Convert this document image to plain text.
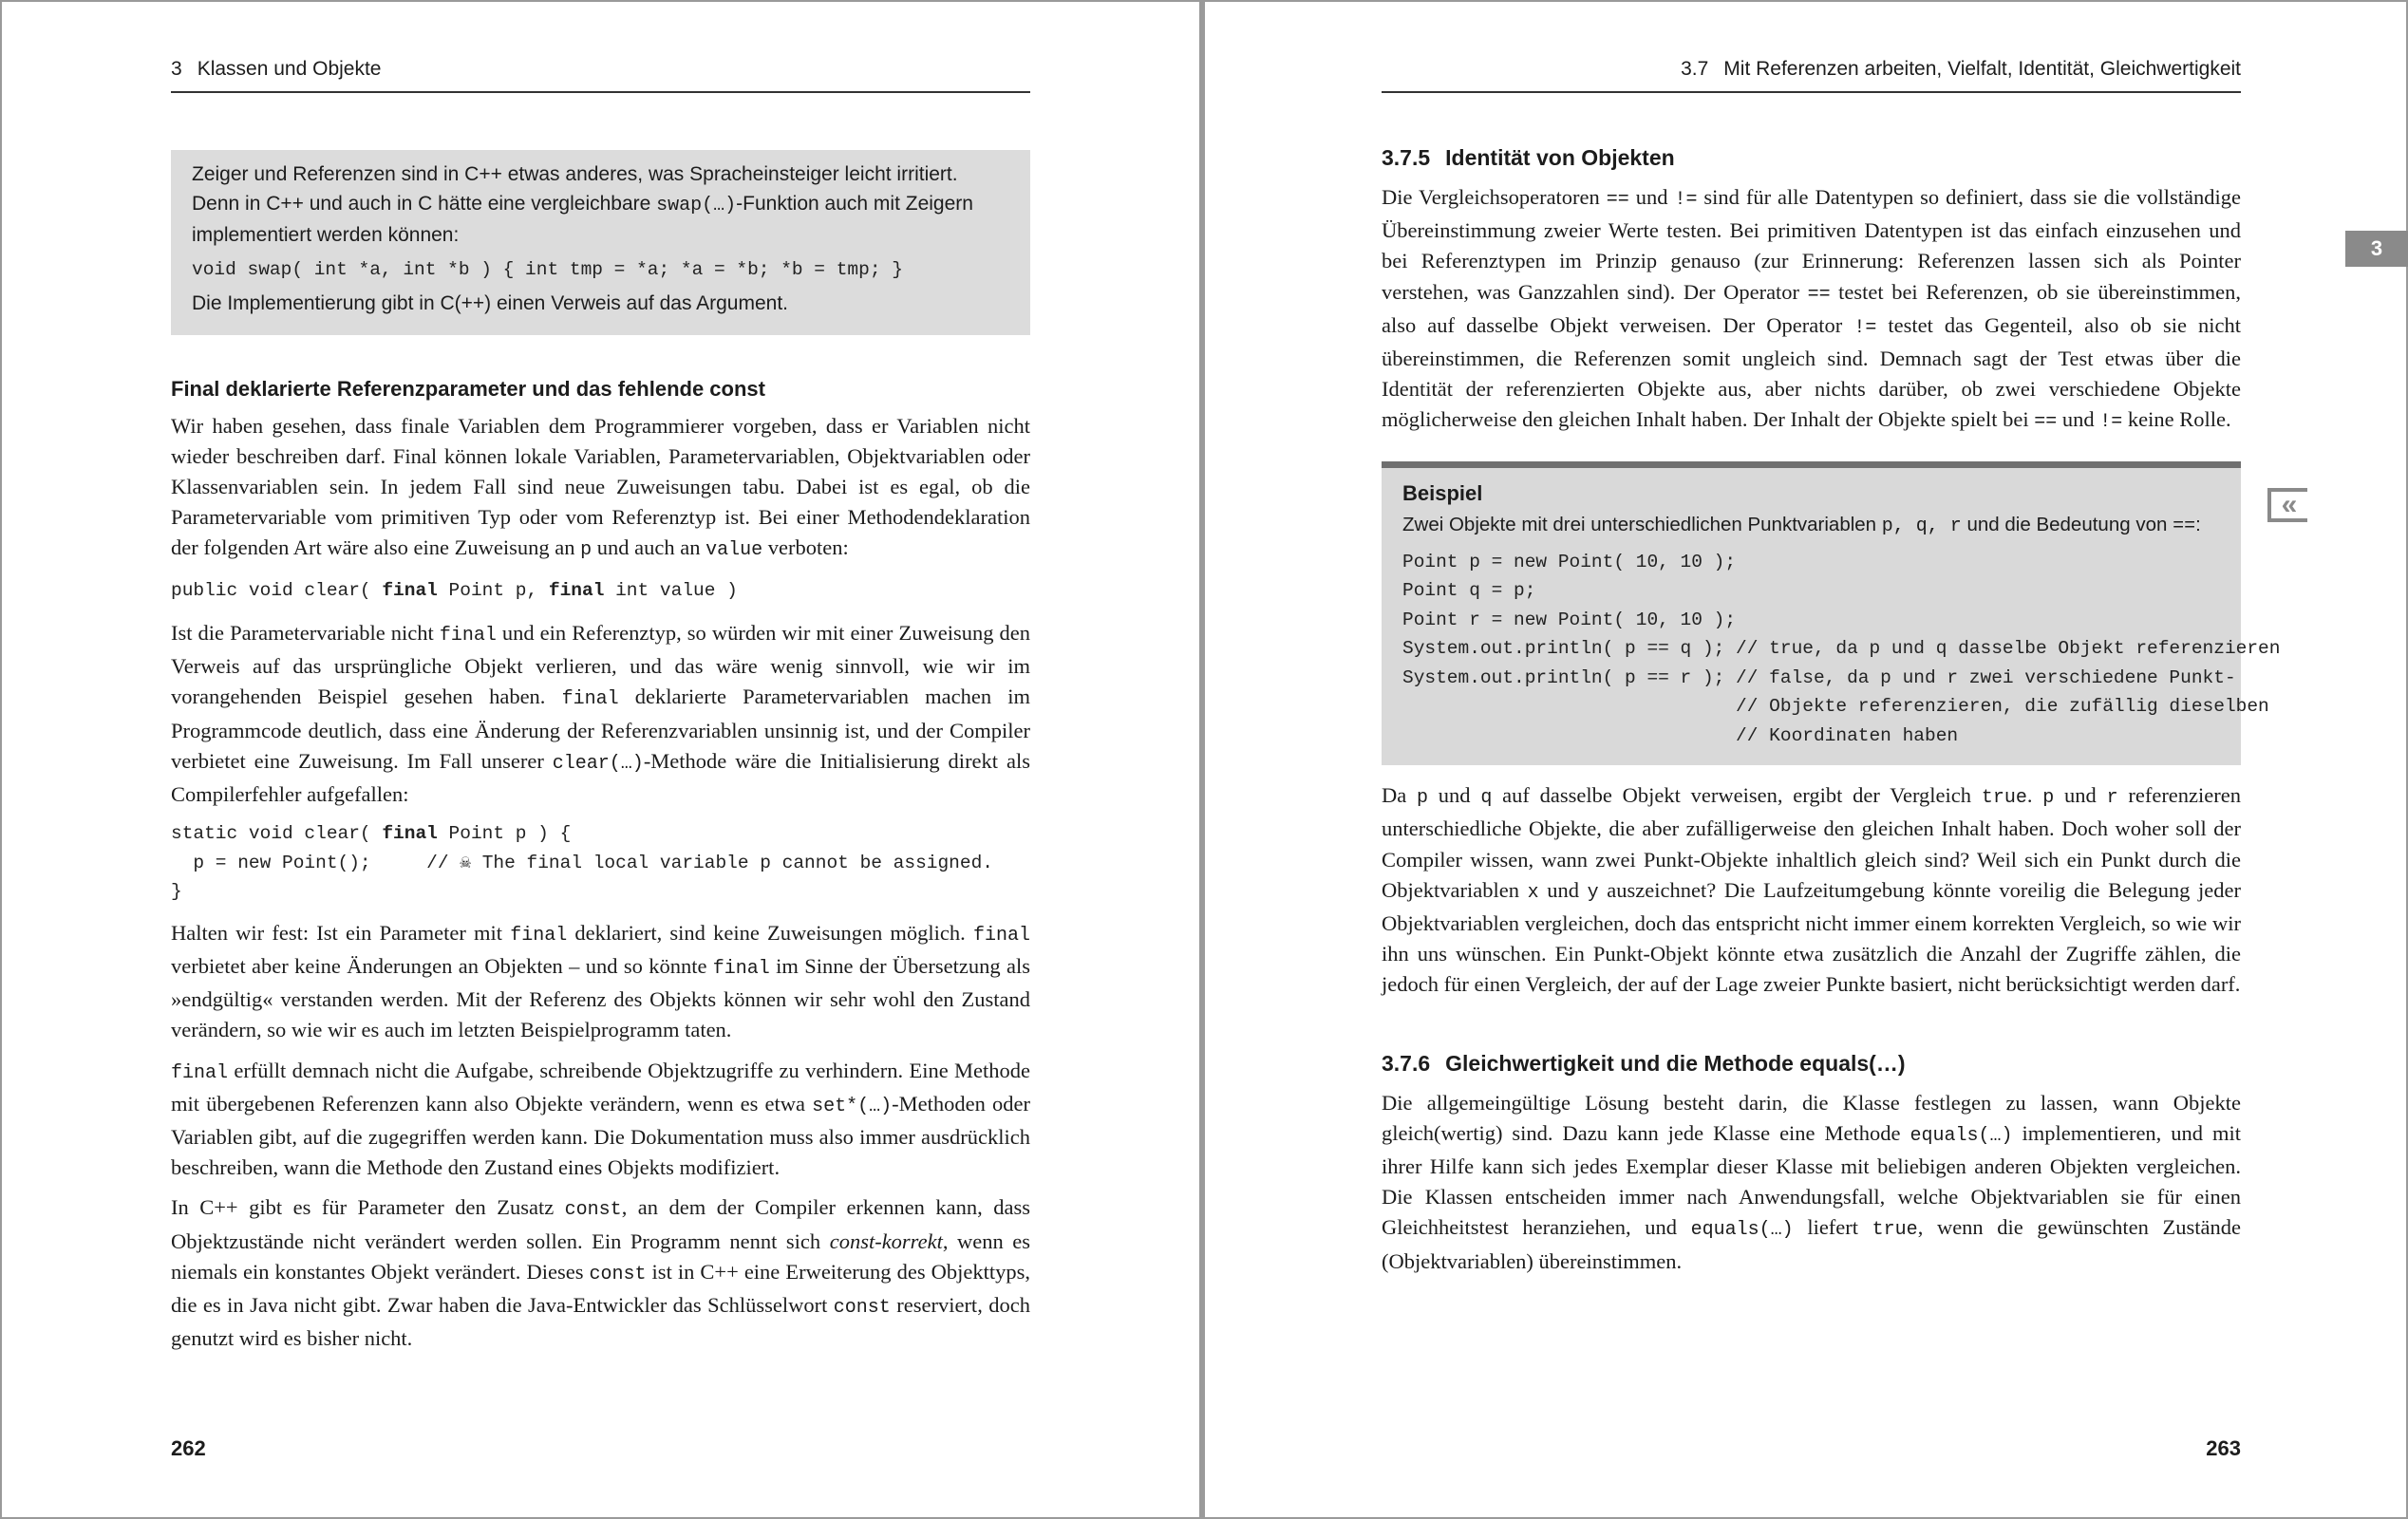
3 Klassen und Objekte

Zeiger und Referenzen sind in C++ etwas anderes, was Spracheinsteiger leicht irritiert. Denn in C++ und auch in C hätte eine vergleichbare swap(…)-Funktion auch mit Zeigern implementiert werden können:

void swap( int *a, int *b ) { int tmp = *a; *a = *b; *b = tmp; }

Die Implementierung gibt in C(++) einen Verweis auf das Argument.

Final deklarierte Referenzparameter und das fehlende const

Wir haben gesehen, dass finale Variablen dem Programmierer vorgeben, dass er Variablen nicht wieder beschreiben darf. Final können lokale Variablen, Parametervariablen, Objektvariablen oder Klassenvariablen sein. In jedem Fall sind neue Zuweisungen tabu. Dabei ist es egal, ob die Parametervariable vom primitiven Typ oder vom Referenztyp ist. Bei einer Methodendeklaration der folgenden Art wäre also eine Zuweisung an p und auch an value verboten:

public void clear( final Point p, final int value )

Ist die Parametervariable nicht final und ein Referenztyp, so würden wir mit einer Zuweisung den Verweis auf das ursprüngliche Objekt verlieren, und das wäre wenig sinnvoll, wie wir im vorangehenden Beispiel gesehen haben. final deklarierte Parametervariablen machen im Programmcode deutlich, dass eine Änderung der Referenzvariablen unsinnig ist, und der Compiler verbietet eine Zuweisung. Im Fall unserer clear(…)-Methode wäre die Initialisierung direkt als Compilerfehler aufgefallen:

static void clear( final Point p ) {
p = new Point();     // ☠ The final local variable p cannot be assigned.
}

Halten wir fest: Ist ein Parameter mit final deklariert, sind keine Zuweisungen möglich. final verbietet aber keine Änderungen an Objekten – und so könnte final im Sinne der Übersetzung als »endgültig« verstanden werden. Mit der Referenz des Objekts können wir sehr wohl den Zustand verändern, so wie wir es auch im letzten Beispielprogramm taten.

final erfüllt demnach nicht die Aufgabe, schreibende Objektzugriffe zu verhindern. Eine Methode mit übergebenen Referenzen kann also Objekte verändern, wenn es etwa set*(…)-Methoden oder Variablen gibt, auf die zugegriffen werden kann. Die Dokumentation muss also immer ausdrücklich beschreiben, wann die Methode den Zustand eines Objekts modifiziert.

In C++ gibt es für Parameter den Zusatz const, an dem der Compiler erkennen kann, dass Objektzustände nicht verändert werden sollen. Ein Programm nennt sich const-korrekt, wenn es niemals ein konstantes Objekt verändert. Dieses const ist in C++ eine Erweiterung des Objekttyps, die es in Java nicht gibt. Zwar haben die Java-Entwickler das Schlüsselwort const reserviert, doch genutzt wird es bisher nicht.

262
3.7 Mit Referenzen arbeiten, Vielfalt, Identität, Gleichwertigkeit
3.7.5 Identität von Objekten

Die Vergleichsoperatoren == und != sind für alle Datentypen so definiert, dass sie die vollständige Übereinstimmung zweier Werte testen. Bei primitiven Datentypen ist das einfach einzusehen und bei Referenztypen im Prinzip genauso (zur Erinnerung: Referenzen lassen sich als Pointer verstehen, was Ganzzahlen sind). Der Operator == testet bei Referenzen, ob sie übereinstimmen, also auf dasselbe Objekt verweisen. Der Operator != testet das Gegenteil, also ob sie nicht übereinstimmen, die Referenzen somit ungleich sind. Demnach sagt der Test etwas über die Identität der referenzierten Objekte aus, aber nichts darüber, ob zwei verschiedene Objekte möglicherweise den gleichen Inhalt haben. Der Inhalt der Objekte spielt bei == und != keine Rolle.

Beispiel
Zwei Objekte mit drei unterschiedlichen Punktvariablen p, q, r und die Bedeutung von ==:
Point p = new Point( 10, 10 );
Point q = p;
Point r = new Point( 10, 10 );
System.out.println( p == q ); // true, da p und q dasselbe Objekt referenzieren
System.out.println( p == r ); // false, da p und r zwei verschiedene Punkt-
// Objekte referenzieren, die zufällig dieselben
// Koordinaten haben

Da p und q auf dasselbe Objekt verweisen, ergibt der Vergleich true. p und r referenzieren unterschiedliche Objekte, die aber zufälligerweise den gleichen Inhalt haben. Doch woher soll der Compiler wissen, wann zwei Punkt-Objekte inhaltlich gleich sind? Weil sich ein Punkt durch die Objektvariablen x und y auszeichnet? Die Laufzeitumgebung könnte voreilig die Belegung jeder Objektvariablen vergleichen, doch das entspricht nicht immer einem korrekten Vergleich, so wie wir ihn uns wünschen. Ein Punkt-Objekt könnte etwa zusätzlich die Anzahl der Zugriffe zählen, die jedoch für einen Vergleich, der auf der Lage zweier Punkte basiert, nicht berücksichtigt werden darf.

3.7.6 Gleichwertigkeit und die Methode equals(…)

Die allgemeingültige Lösung besteht darin, die Klasse festlegen zu lassen, wann Objekte gleich(wertig) sind. Dazu kann jede Klasse eine Methode equals(…) implementieren, und mit ihrer Hilfe kann sich jedes Exemplar dieser Klasse mit beliebigen anderen Objekten vergleichen. Die Klassen entscheiden immer nach Anwendungsfall, welche Objektvariablen sie für einen Gleichheitstest heranziehen, und equals(…) liefert true, wenn die gewünschten Zustände (Objektvariablen) übereinstimmen.

263
3
«
